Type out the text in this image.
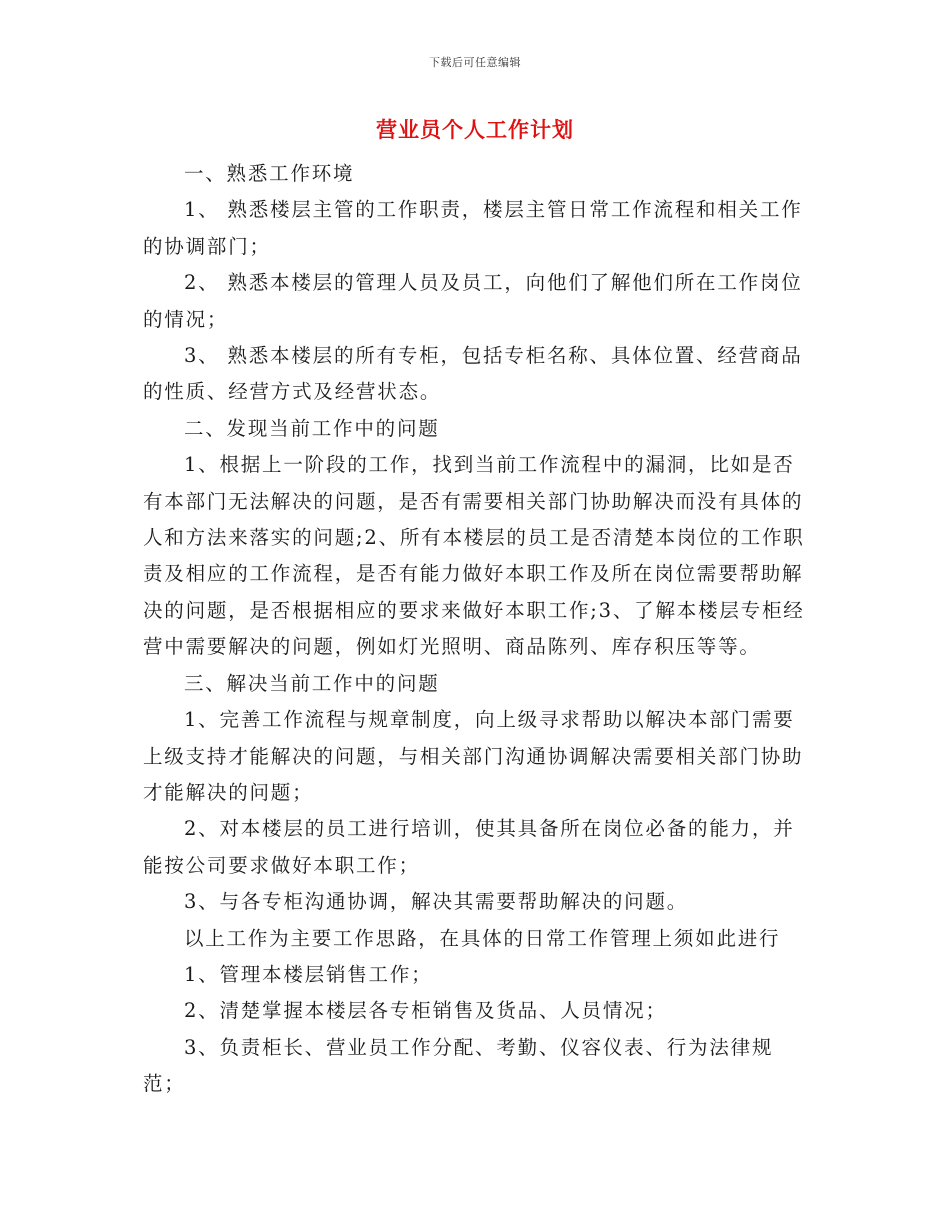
下载后可任意编辑
营业员个人工作计划

一、熟悉工作环境

1、 熟悉楼层主管的工作职责，楼层主管日常工作流程和相关工作的协调部门；

2、 熟悉本楼层的管理人员及员工，向他们了解他们所在工作岗位的情况；

3、 熟悉本楼层的所有专柜，包括专柜名称、具体位置、经营商品的性质、经营方式及经营状态。

二、发现当前工作中的问题

1、根据上一阶段的工作，找到当前工作流程中的漏洞，比如是否有本部门无法解决的问题，是否有需要相关部门协助解决而没有具体的人和方法来落实的问题;2、所有本楼层的员工是否清楚本岗位的工作职责及相应的工作流程，是否有能力做好本职工作及所在岗位需要帮助解决的问题，是否根据相应的要求来做好本职工作;3、了解本楼层专柜经营中需要解决的问题，例如灯光照明、商品陈列、库存积压等等。

三、解决当前工作中的问题

1、完善工作流程与规章制度，向上级寻求帮助以解决本部门需要上级支持才能解决的问题，与相关部门沟通协调解决需要相关部门协助才能解决的问题；

2、对本楼层的员工进行培训，使其具备所在岗位必备的能力，并能按公司要求做好本职工作；

3、与各专柜沟通协调，解决其需要帮助解决的问题。

以上工作为主要工作思路，在具体的日常工作管理上须如此进行

1、管理本楼层销售工作；

2、清楚掌握本楼层各专柜销售及货品、人员情况；

3、负责柜长、营业员工作分配、考勤、仪容仪表、行为法律规范；
